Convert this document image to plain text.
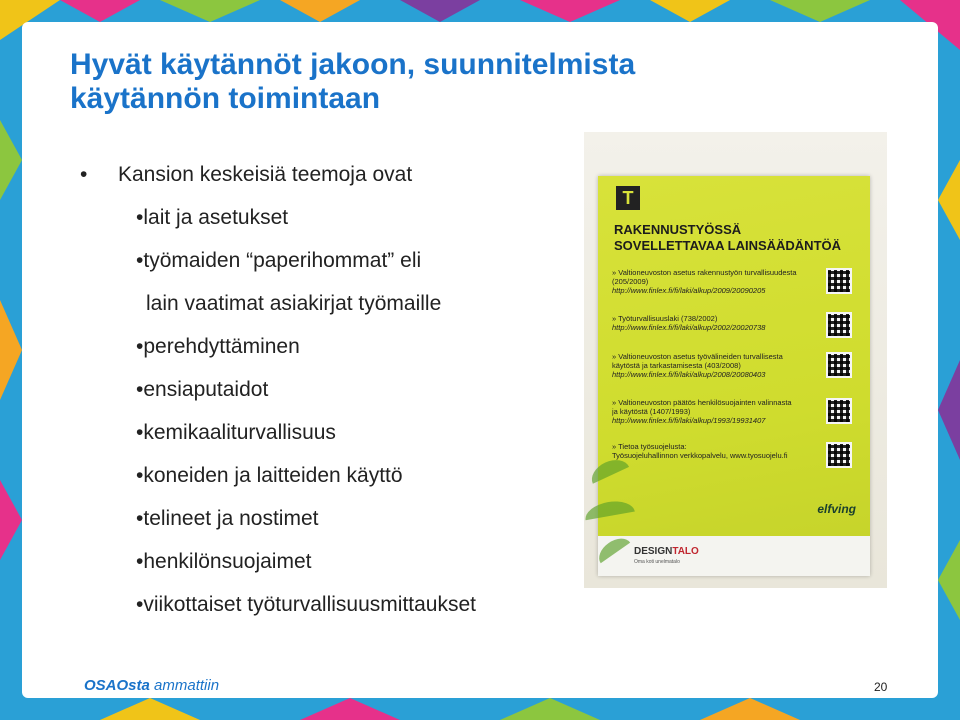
Hyvät käytännöt jakoon, suunnitelmista
käytännön toimintaan
• Kansion keskeisiä teemoja ovat
•lait ja asetukset
•työmaiden “paperihommat” eli
lain vaatimat asiakirjat työmaille
•perehdyttäminen
•ensiaputaidot
•kemikaaliturvallisuus
•koneiden ja laitteiden käyttö
•telineet ja nostimet
•henkilönsuojaimet
•viikottaiset työturvallisuusmittaukset
T
RAKENNUSTYÖSSÄ
SOVELLETTAVAA LAINSÄÄDÄNTÖÄ
» Valtioneuvoston asetus rakennustyön turvallisuudesta
(205/2009)
http://www.finlex.fi/fi/laki/alkup/2009/20090205
» Työturvallisuuslaki (738/2002)
http://www.finlex.fi/fi/laki/alkup/2002/20020738
» Valtioneuvoston asetus työvälineiden turvallisesta
käytöstä ja tarkastamisesta (403/2008)
http://www.finlex.fi/fi/laki/alkup/2008/20080403
» Valtioneuvoston päätös henkilösuojainten valinnasta
ja käytöstä (1407/1993)
http://www.finlex.fi/fi/laki/alkup/1993/19931407
» Tietoa työsuojelusta:
Työsuojeluhallinnon verkkopalvelu, www.tyosuojelu.fi
elfving
DESIGNTALO
Oma koti unelmatalo
OSAOsta ammattiin	20
